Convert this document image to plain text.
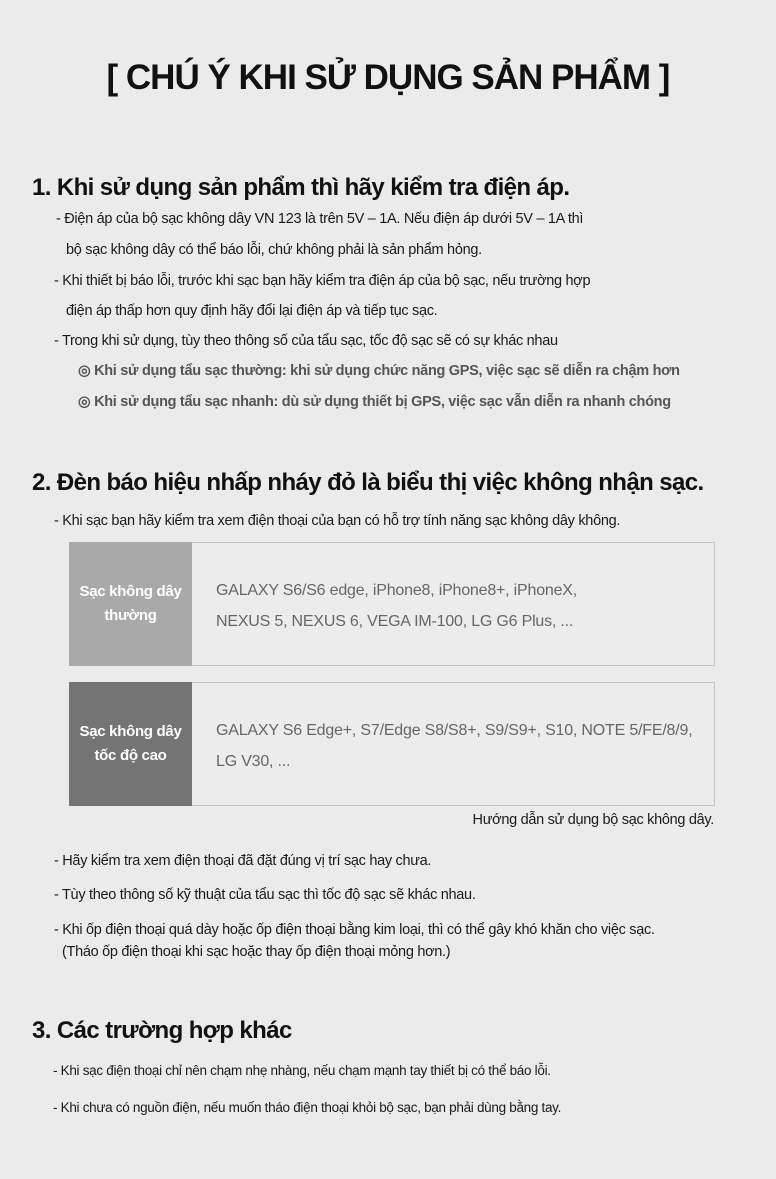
[ CHÚ Ý KHI SỬ DỤNG SẢN PHẨM ]
1. Khi sử dụng sản phẩm thì hãy kiểm tra điện áp.
- Điện áp của bộ sạc không dây VN 123 là trên 5V – 1A. Nếu điện áp dưới 5V – 1A thì
bộ sạc không dây có thể báo lỗi, chứ không phải là sản phẩm hỏng.
- Khi thiết bị báo lỗi, trước khi sạc bạn hãy kiểm tra điện áp của bộ sạc, nếu trường hợp
điện áp thấp hơn quy định hãy đổi lại điện áp và tiếp tục sạc.
- Trong khi sử dụng, tùy theo thông số của tẩu sạc, tốc độ sạc sẽ có sự khác nhau
◎ Khi sử dụng tẩu sạc thường: khi sử dụng chức năng GPS, việc sạc sẽ diễn ra chậm hơn
◎ Khi sử dụng tẩu sạc nhanh: dù sử dụng thiết bị GPS, việc sạc vẫn diễn ra nhanh chóng
2. Đèn báo hiệu nhấp nháy đỏ là biểu thị việc không nhận sạc.
- Khi sạc bạn hãy kiểm tra xem điện thoại của bạn có hỗ trợ tính năng sạc không dây không.
Sạc không dây
thường
GALAXY S6/S6 edge, iPhone8, iPhone8+, iPhoneX,
NEXUS 5, NEXUS 6, VEGA IM-100, LG G6 Plus, ...
Sạc không dây
tốc độ cao
GALAXY S6 Edge+, S7/Edge S8/S8+, S9/S9+, S10, NOTE 5/FE/8/9,
LG V30, ...
Hướng dẫn sử dụng bộ sạc không dây.
- Hãy kiểm tra xem điện thoại đã đặt đúng vị trí sạc hay chưa.
- Tùy theo thông số kỹ thuật của tẩu sạc thì tốc độ sạc sẽ khác nhau.
- Khi ốp điện thoại quá dày hoặc ốp điện thoại bằng kim loại, thì có thể gây khó khăn cho việc sạc.
(Tháo ốp điện thoại khi sạc hoặc thay ốp điện thoại mỏng hơn.)
3. Các trường hợp khác
- Khi sạc điện thoại chỉ nên chạm nhẹ nhàng, nếu chạm mạnh tay thiết bị có thể báo lỗi.
- Khi chưa có nguồn điện, nếu muốn tháo điện thoại khỏi bộ sạc, bạn phải dùng bằng tay.
